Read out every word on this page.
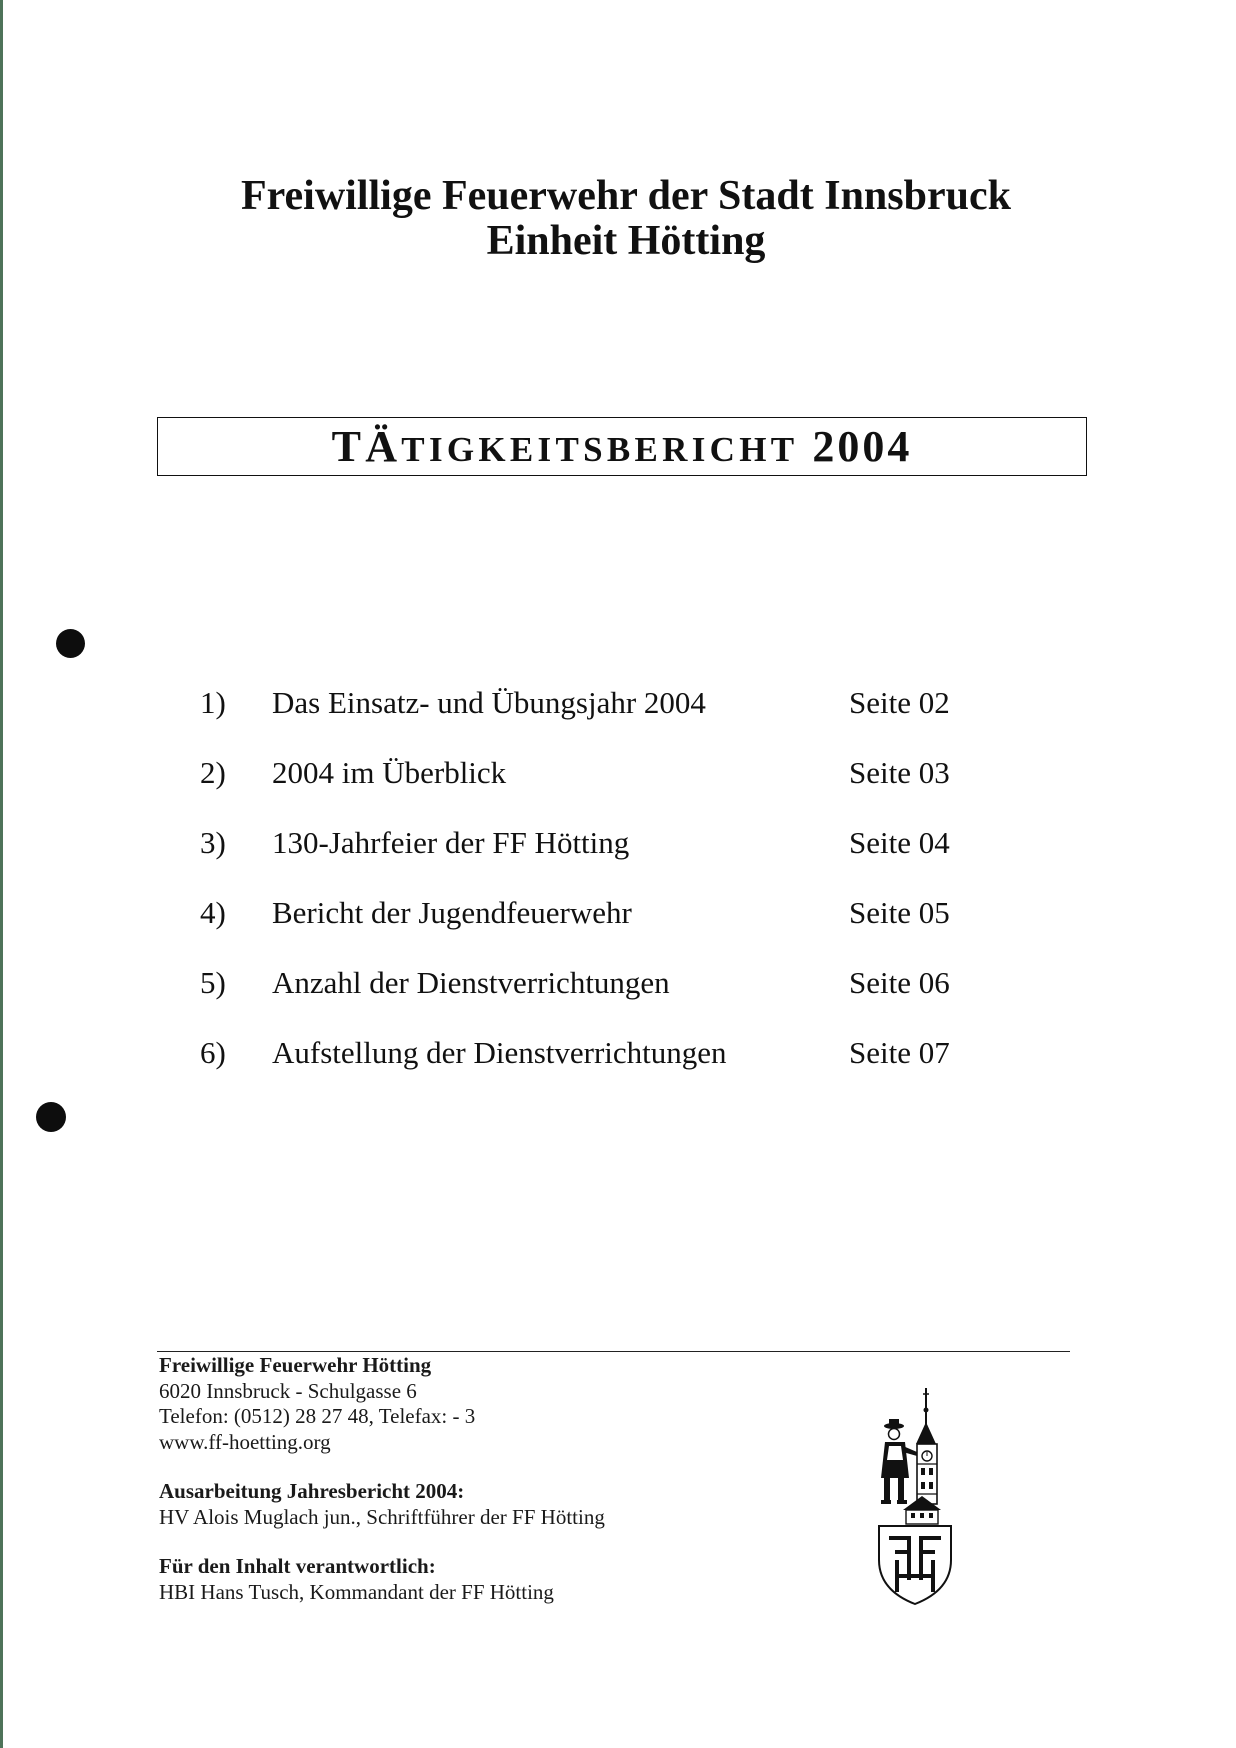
Freiwillige Feuerwehr der Stadt Innsbruck
Einheit Hötting
TÄTIGKEITSBERICHT 2004
1) Das Einsatz- und Übungsjahr 2004	Seite 02
2) 2004 im Überblick	Seite 03
3) 130-Jahrfeier der FF Hötting	Seite 04
4) Bericht der Jugendfeuerwehr	Seite 05
5) Anzahl der Dienstverrichtungen	Seite 06
6) Aufstellung der Dienstverrichtungen	Seite 07
Freiwillige Feuerwehr Hötting
6020 Innsbruck - Schulgasse 6
Telefon: (0512) 28 27 48, Telefax: - 3
www.ff-hoetting.org
Ausarbeitung Jahresbericht 2004:
HV Alois Muglach jun., Schriftführer der FF Hötting
Für den Inhalt verantwortlich:
HBI Hans Tusch, Kommandant der FF Hötting
